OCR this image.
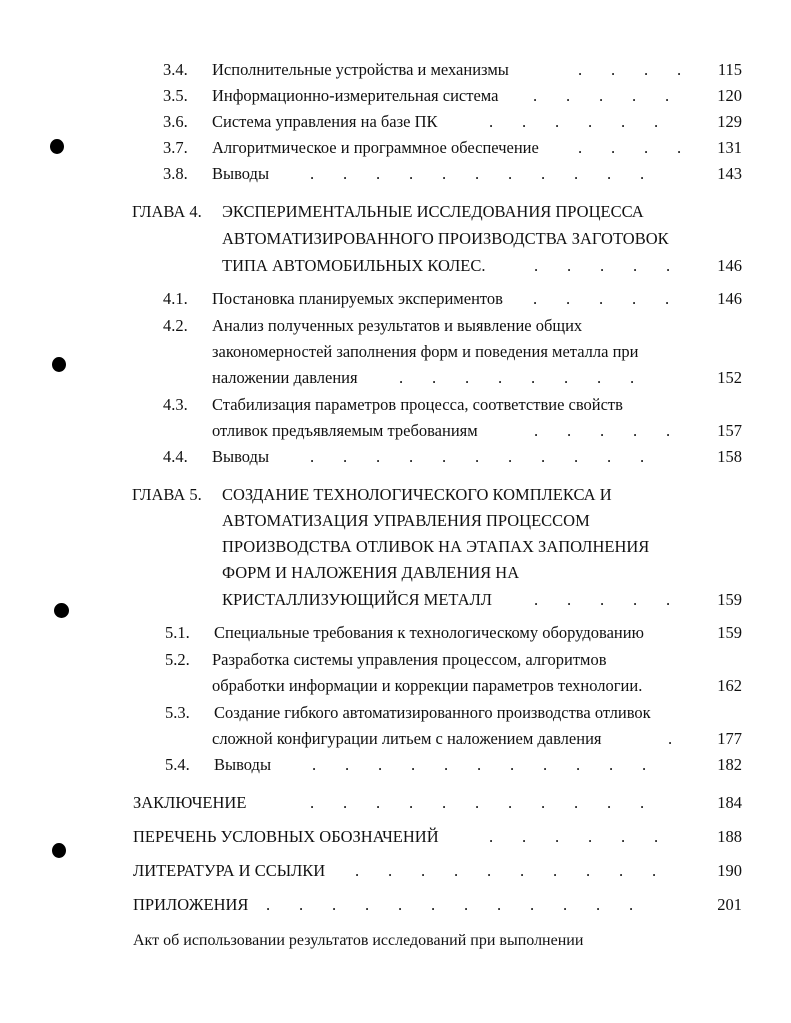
3.4. Исполнительные устройства и механизмы	.       .       .       .	115
3.5. Информационно-измерительная система .       .       .       .       .	120
3.6. Система управления на базе ПК	.       .       .       .       .       .	129
3.7. Алгоритмическое и программное обеспечение .       .       .       .	131
3.8. Выводы .       .       .       .       .       .       .       .       .       .       .	143
ГЛАВА 4. ЭКСПЕРИМЕНТАЛЬНЫЕ ИССЛЕДОВАНИЯ ПРОЦЕССА
АВТОМАТИЗИРОВАННОГО ПРОИЗВОДСТВА ЗАГОТОВОК
ТИПА АВТОМОБИЛЬНЫХ КОЛЕС.	.       .       .       .       .	146
4.1. Постановка планируемых экспериментов .       .       .       .       .	146
4.2. Анализ полученных результатов и выявление общих
закономерностей заполнения форм и поведения металла при
наложении давления	.       .       .       .       .       .       .       .	152
4.3. Стабилизация параметров процесса, соответствие свойств
отливок предъявляемым требованиям	.       .       .       .       .	157
4.4. Выводы .       .       .       .       .       .       .       .       .       .       .	158
ГЛАВА 5. СОЗДАНИЕ ТЕХНОЛОГИЧЕСКОГО КОМПЛЕКСА И
АВТОМАТИЗАЦИЯ УПРАВЛЕНИЯ ПРОЦЕССОМ
ПРОИЗВОДСТВА ОТЛИВОК НА ЭТАПАХ ЗАПОЛНЕНИЯ
ФОРМ И НАЛОЖЕНИЯ ДАВЛЕНИЯ НА
КРИСТАЛЛИЗУЮЩИЙСЯ МЕТАЛЛ	.       .       .       .       .	159
5.1. Специальные требования к технологическому оборудованию	159
5.2. Разработка системы управления процессом, алгоритмов
обработки информации и коррекции параметров технологии.	162
5.3. Создание гибкого автоматизированного производства отливок
сложной конфигурации литьем с наложением давления	.	177
5.4. Выводы .       .       .       .       .       .       .       .       .       .       .	182
ЗАКЛЮЧЕНИЕ	.       .       .       .       .       .       .       .       .       .       .	184
ПЕРЕЧЕНЬ УСЛОВНЫХ ОБОЗНАЧЕНИЙ	.       .       .       .       .       .	188
ЛИТЕРАТУРА И ССЫЛКИ .       .       .       .       .       .       .       .       .       .	190
ПРИЛОЖЕНИЯ .       .       .       .       .       .       .       .       .       .       .       .	201
Акт об использовании результатов исследований при выполнении
